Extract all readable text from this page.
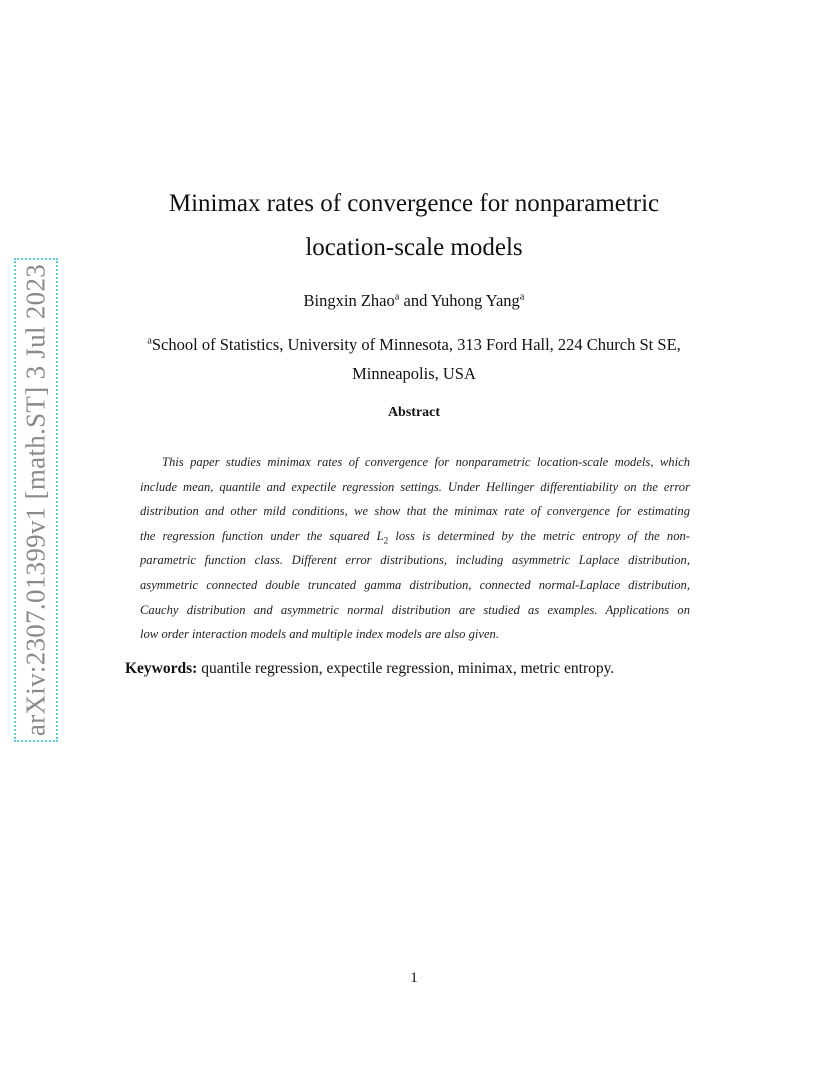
arXiv:2307.01399v1 [math.ST] 3 Jul 2023
Minimax rates of convergence for nonparametric
location-scale models
Bingxin Zhao$^a$ and Yuhong Yang$^a$
$^a$School of Statistics, University of Minnesota, 313 Ford Hall, 224 Church St SE,
Minneapolis, USA
Abstract
This paper studies minimax rates of convergence for nonparametric location-scale models, which
include mean, quantile and expectile regression settings. Under Hellinger differentiability on the error
distribution and other mild conditions, we show that the minimax rate of convergence for estimating
the regression function under the squared $L_2$ loss is determined by the metric entropy of the non-
parametric function class. Different error distributions, including asymmetric Laplace distribution,
asymmetric connected double truncated gamma distribution, connected normal-Laplace distribution,
Cauchy distribution and asymmetric normal distribution are studied as examples. Applications on
low order interaction models and multiple index models are also given.
Keywords: quantile regression, expectile regression, minimax, metric entropy.
1
